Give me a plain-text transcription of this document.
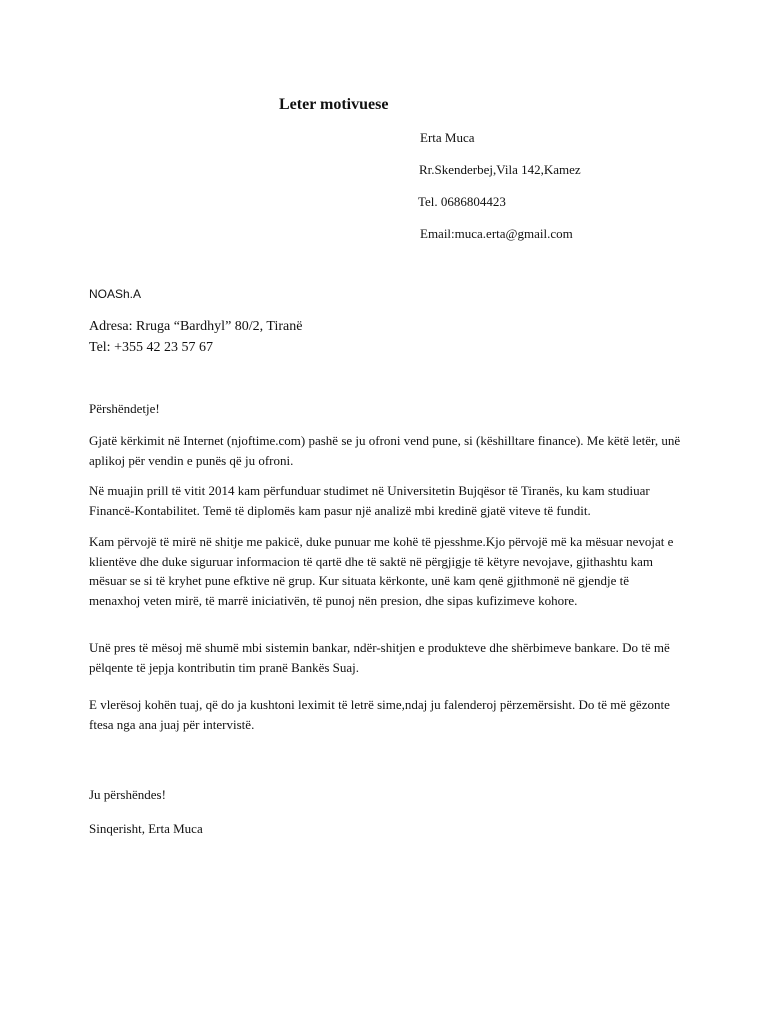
Leter motivuese
Erta Muca
Rr.Skenderbej,Vila 142,Kamez
Tel. 0686804423
Email:muca.erta@gmail.com
NOASh.A
Adresa: Rruga “Bardhyl” 80/2, Tiranë
Tel: +355 42 23 57 67
Përshëndetje!
Gjatë kërkimit në Internet (njoftime.com) pashë se ju ofroni vend pune, si (këshilltare finance). Me këtë letër, unë aplikoj për vendin e punës që ju ofroni.
Në muajin prill të vitit 2014 kam përfunduar studimet në Universitetin Bujqësor të Tiranës, ku kam studiuar Financë-Kontabilitet. Temë të diplomës kam pasur një analizë mbi kredinë gjatë viteve të fundit.
Kam përvojë të mirë në shitje me pakicë, duke punuar me kohë të pjesshme.Kjo përvojë më ka mësuar nevojat e klientëve dhe duke siguruar informacion të qartë dhe të saktë në përgjigje të këtyre nevojave, gjithashtu kam mësuar se si të kryhet pune efktive në grup. Kur situata kërkonte, unë kam qenë gjithmonë në gjendje të menaxhoj veten mirë, të marrë iniciativën, të punoj nën presion, dhe sipas kufizimeve kohore.
Unë pres të mësoj më shumë mbi sistemin bankar, ndër-shitjen e produkteve dhe shërbimeve bankare. Do të më pëlqente të jepja kontributin tim pranë Bankës Suaj.
E vlerësoj kohën tuaj, që do ja kushtoni leximit të letrë sime,ndaj ju falenderoj përzemërsisht. Do të më gëzonte ftesa nga ana juaj për intervistë.
Ju përshëndes!
Sinqerisht, Erta Muca
